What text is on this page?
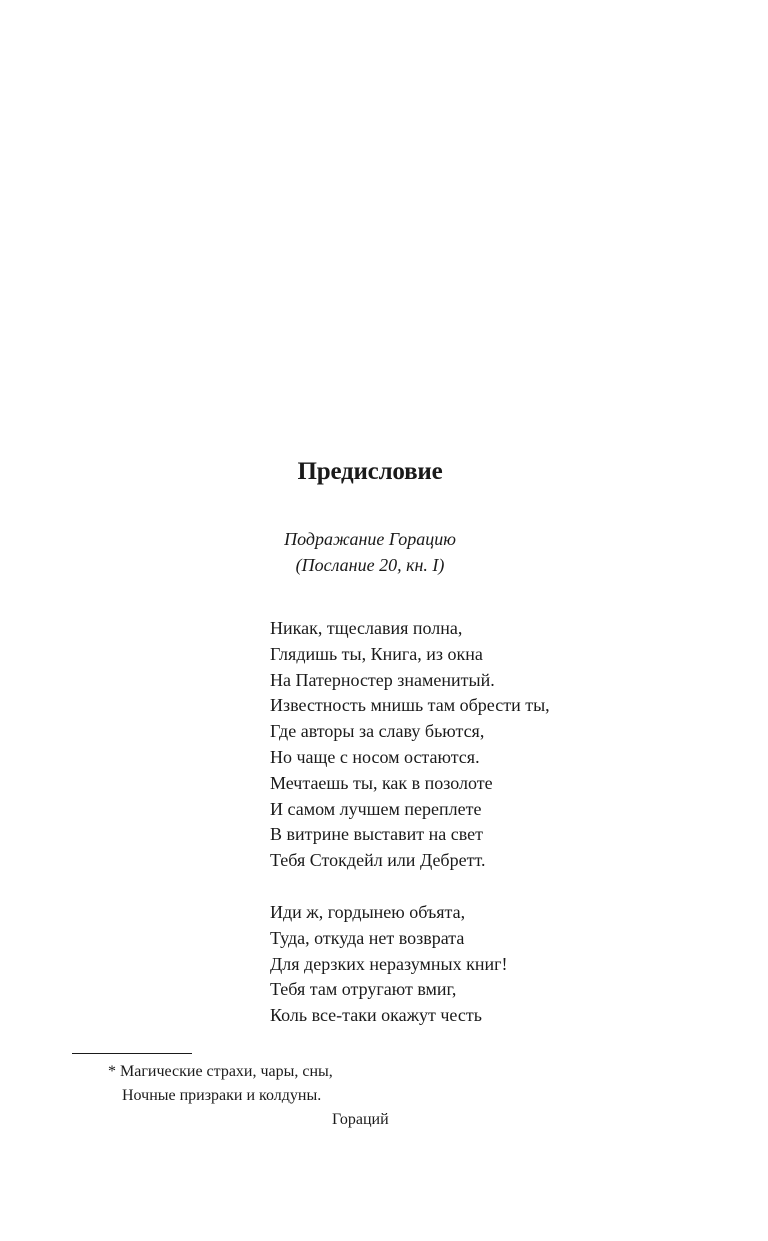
Предисловие
Подражание Горацию
(Послание 20, кн. I)
Никак, тщеславия полна,
Глядишь ты, Книга, из окна
На Патерностер знаменитый.
Известность мнишь там обрести ты,
Где авторы за славу бьются,
Но чаще с носом остаются.
Мечтаешь ты, как в позолоте
И самом лучшем переплете
В витрине выставит на свет
Тебя Стокдейл или Дебретт.
Иди ж, гордынею объята,
Туда, откуда нет возврата
Для дерзких неразумных книг!
Тебя там отругают вмиг,
Коль все-таки окажут честь
* Магические страхи, чары, сны,
Ночные призраки и колдуны.
Гораций
